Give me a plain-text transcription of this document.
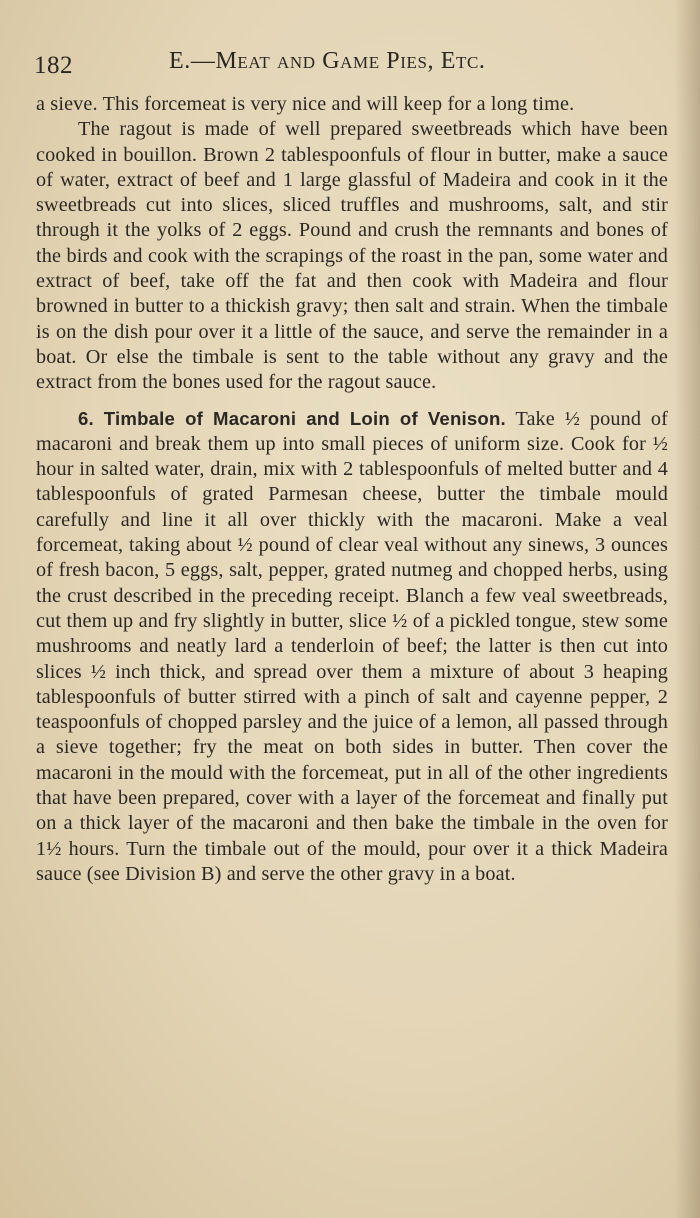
182	E.—Meat and Game Pies, Etc.

a sieve. This forcemeat is very nice and will keep for a long time.

The ragout is made of well prepared sweetbreads which have been cooked in bouillon. Brown 2 tablespoonfuls of flour in butter, make a sauce of water, extract of beef and 1 large glassful of Madeira and cook in it the sweetbreads cut into slices, sliced truffles and mushrooms, salt, and stir through it the yolks of 2 eggs. Pound and crush the remnants and bones of the birds and cook with the scrapings of the roast in the pan, some water and extract of beef, take off the fat and then cook with Madeira and flour browned in butter to a thickish gravy; then salt and strain. When the timbale is on the dish pour over it a little of the sauce, and serve the remainder in a boat. Or else the timbale is sent to the table without any gravy and the extract from the bones used for the ragout sauce.

6. Timbale of Macaroni and Loin of Venison. Take ½ pound of macaroni and break them up into small pieces of uniform size. Cook for ½ hour in salted water, drain, mix with 2 tablespoonfuls of melted butter and 4 tablespoonfuls of grated Parmesan cheese, butter the timbale mould carefully and line it all over thickly with the macaroni. Make a veal forcemeat, taking about ½ pound of clear veal without any sinews, 3 ounces of fresh bacon, 5 eggs, salt, pepper, grated nutmeg and chopped herbs, using the crust described in the preceding receipt. Blanch a few veal sweetbreads, cut them up and fry slightly in butter, slice ½ of a pickled tongue, stew some mushrooms and neatly lard a tenderloin of beef; the latter is then cut into slices ½ inch thick, and spread over them a mixture of about 3 heaping tablespoonfuls of butter stirred with a pinch of salt and cayenne pepper, 2 teaspoonfuls of chopped parsley and the juice of a lemon, all passed through a sieve together; fry the meat on both sides in butter. Then cover the macaroni in the mould with the forcemeat, put in all of the other ingredients that have been prepared, cover with a layer of the forcemeat and finally put on a thick layer of the macaroni and then bake the timbale in the oven for 1½ hours. Turn the timbale out of the mould, pour over it a thick Madeira sauce (see Division B) and serve the other gravy in a boat.
